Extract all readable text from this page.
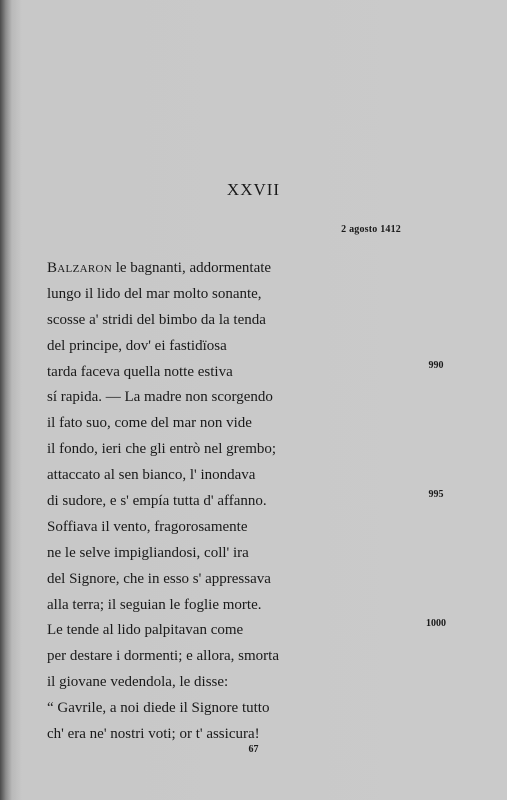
XXVII
2 agosto 1412
Balzaron le bagnanti, addormentate
lungo il lido del mar molto sonante,
scosse a' stridi del bimbo da la tenda
del principe, dov' ei fastidïosa
tarda faceva quella notte estiva
sí rapida. — La madre non scorgendo
il fato suo, come del mar non vide
il fondo, ieri che gli entrò nel grembo;
attaccato al sen bianco, l' inondava
di sudore, e s' empía tutta d' affanno.
Soffiava il vento, fragorosamente
ne le selve impigliandosi, coll' ira
del Signore, che in esso s' appressava
alla terra; il seguian le foglie morte.
Le tende al lido palpitavan come
per destare i dormenti; e allora, smorta
il giovane vedendola, le disse:
“ Gavrile, a noi diede il Signore tutto
ch' era ne' nostri voti; or t' assicura!
990
995
1000
67
